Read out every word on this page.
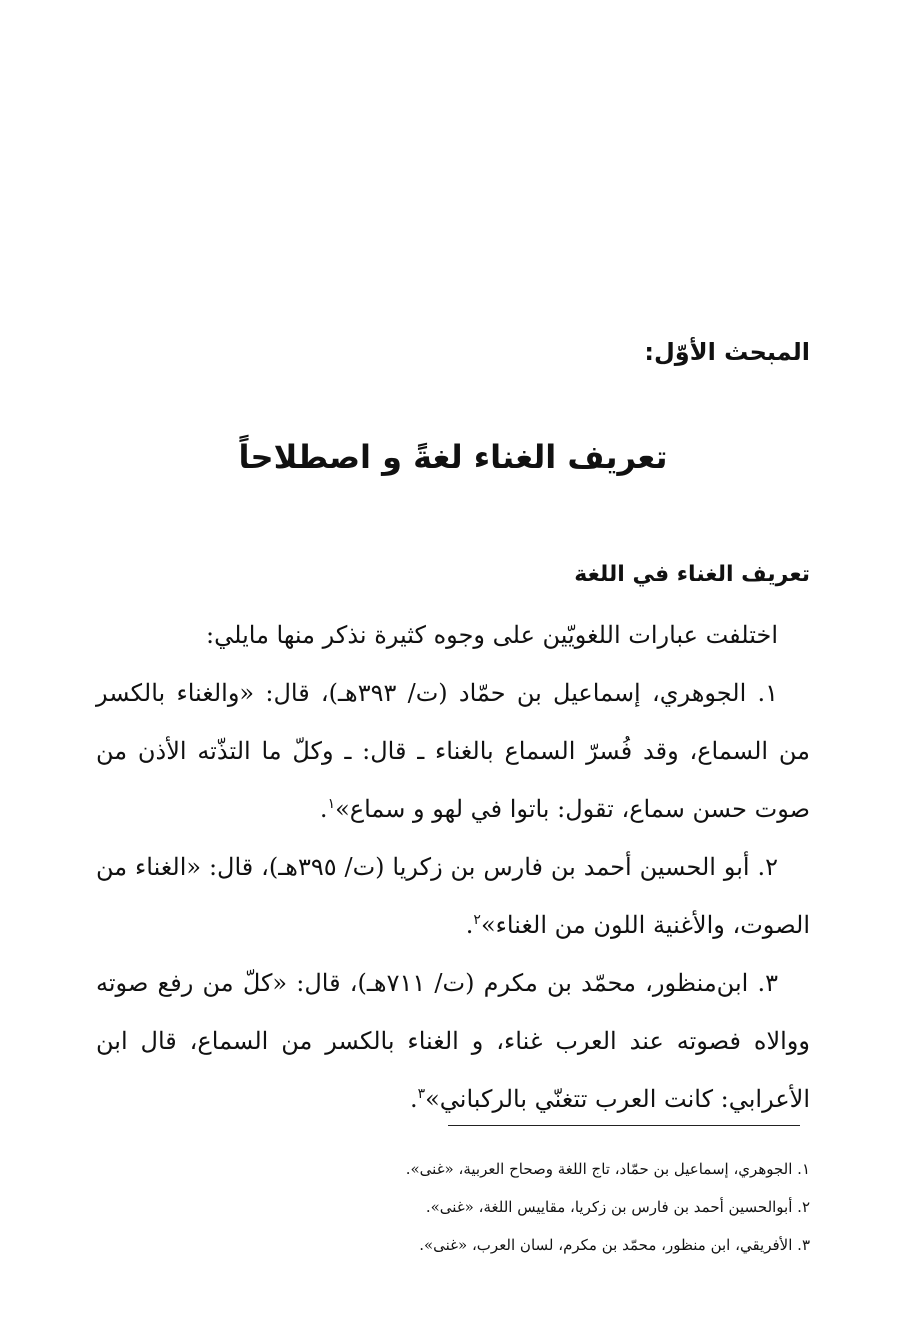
المبحث الأوّل:
تعريف الغناء لغةً و اصطلاحاً
تعريف الغناء في اللغة

اختلفت عبارات اللغويّين على وجوه كثيرة نذكر منها مايلي:

١. الجوهري، إسماعيل بن حمّاد (ت/ ٣٩٣هـ)، قال: «والغناء بالكسر من السماع، وقد فُسرّ السماع بالغناء ـ قال: ـ وكلّ ما التذّته الأذن من صوت حسن سماع، تقول: باتوا في لهو و سماع»$^١$.

٢. أبو الحسين أحمد بن فارس بن زكريا (ت/ ٣٩٥هـ)، قال: «الغناء من الصوت، والأغنية اللون من الغناء»$^٢$.

٣. ابن‌منظور، محمّد بن مكرم (ت/ ٧١١هـ)، قال: «كلّ من رفع صوته ووالاه فصوته عند العرب غناء، و الغناء بالكسر من السماع، قال ابن الأعرابي: كانت العرب تتغنّي بالركباني»$^٣$.

١. الجوهري، إسماعيل بن حمّاد، تاج اللغة وصحاح العربية، «غنى».

٢. أبوالحسين أحمد بن فارس بن زكريا، مقاييس اللغة، «غنى».

٣. الأفريقي، ابن منظور، محمّد بن مكرم، لسان العرب، «غنى».
